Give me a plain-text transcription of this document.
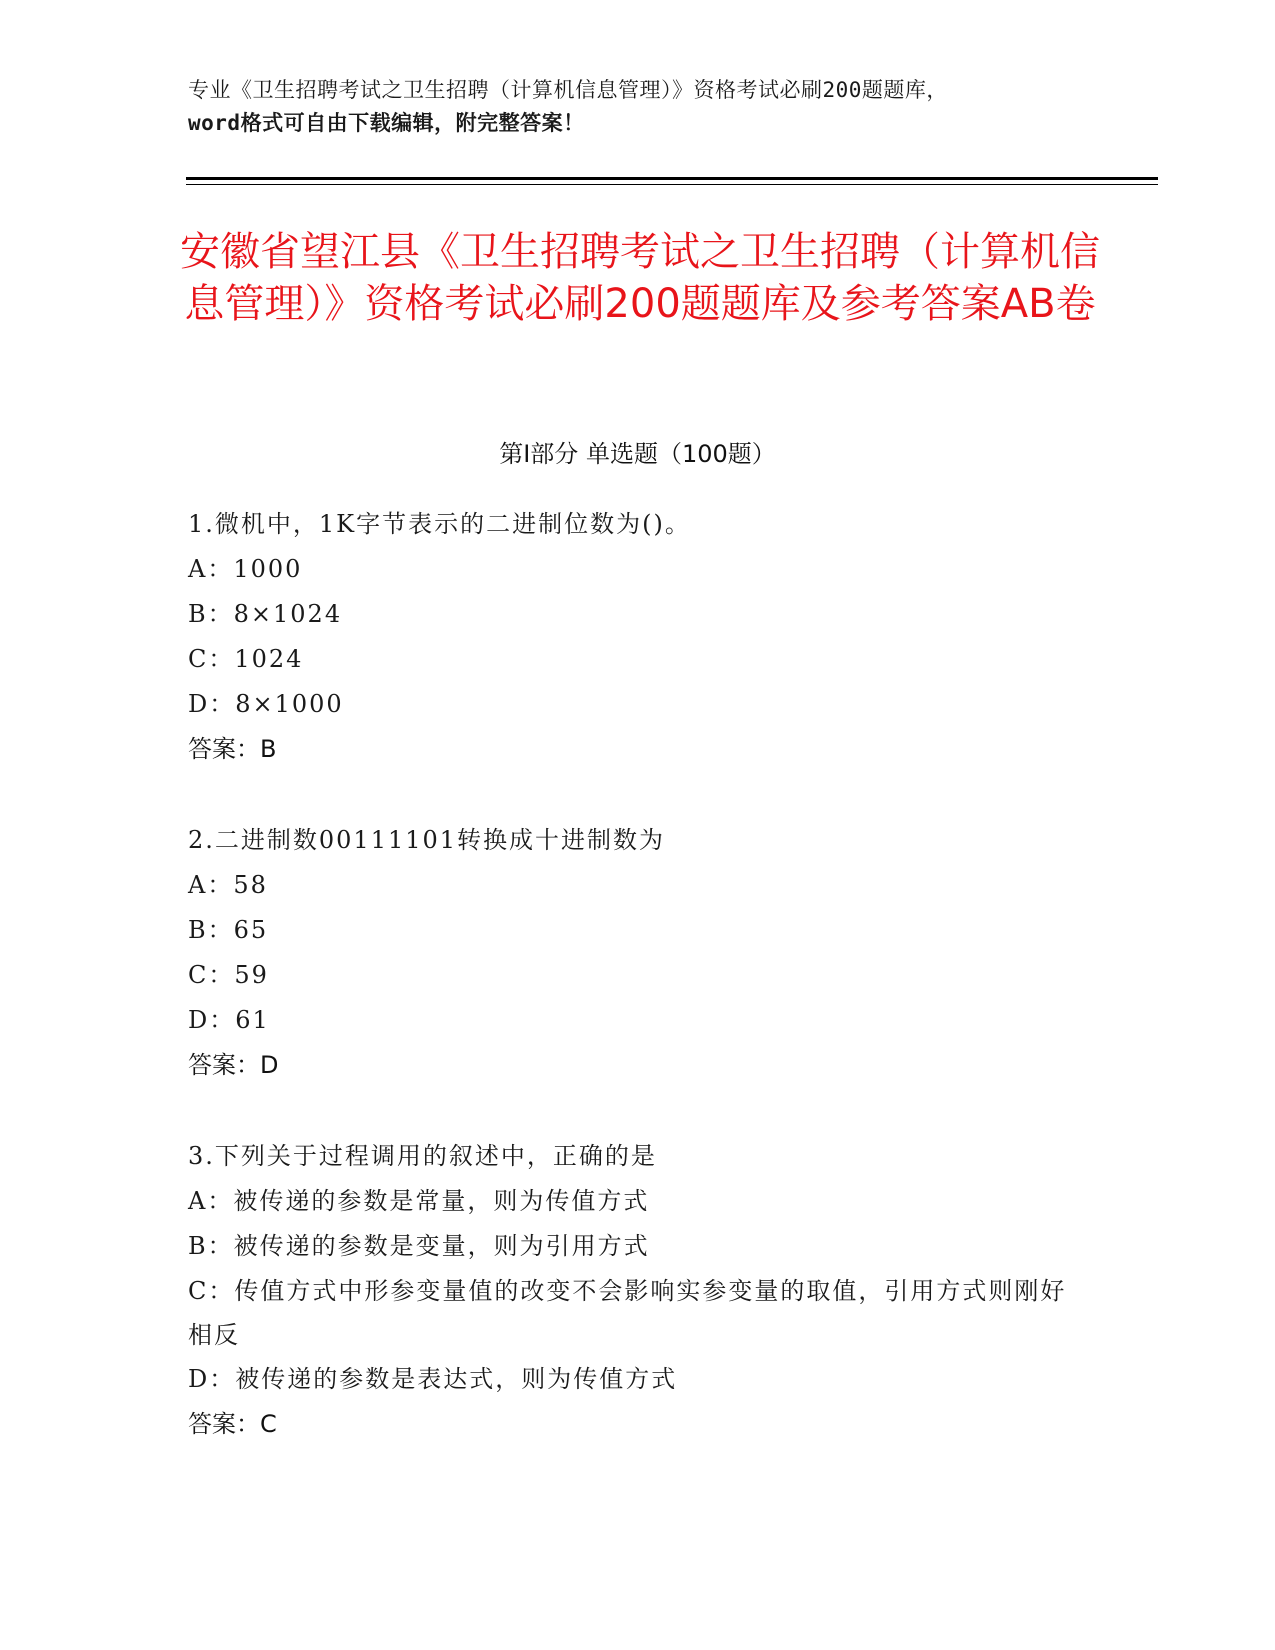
专业《卫生招聘考试之卫生招聘（计算机信息管理）》资格考试必刷200题题库，
word格式可自由下载编辑，附完整答案！
安徽省望江县《卫生招聘考试之卫生招聘（计算机信息管理）》资格考试必刷200题题库及参考答案AB卷
第I部分 单选题（100题）
1.微机中，1K字节表示的二进制位数为()。
A：1000
B：8×1024
C：1024
D：8×1000
答案：B
2.二进制数00111101转换成十进制数为
A：58
B：65
C：59
D：61
答案：D
3.下列关于过程调用的叙述中，正确的是
A：被传递的参数是常量，则为传值方式
B：被传递的参数是变量，则为引用方式
C：传值方式中形参变量值的改变不会影响实参变量的取值，引用方式则刚好相反
D：被传递的参数是表达式，则为传值方式
答案：C
